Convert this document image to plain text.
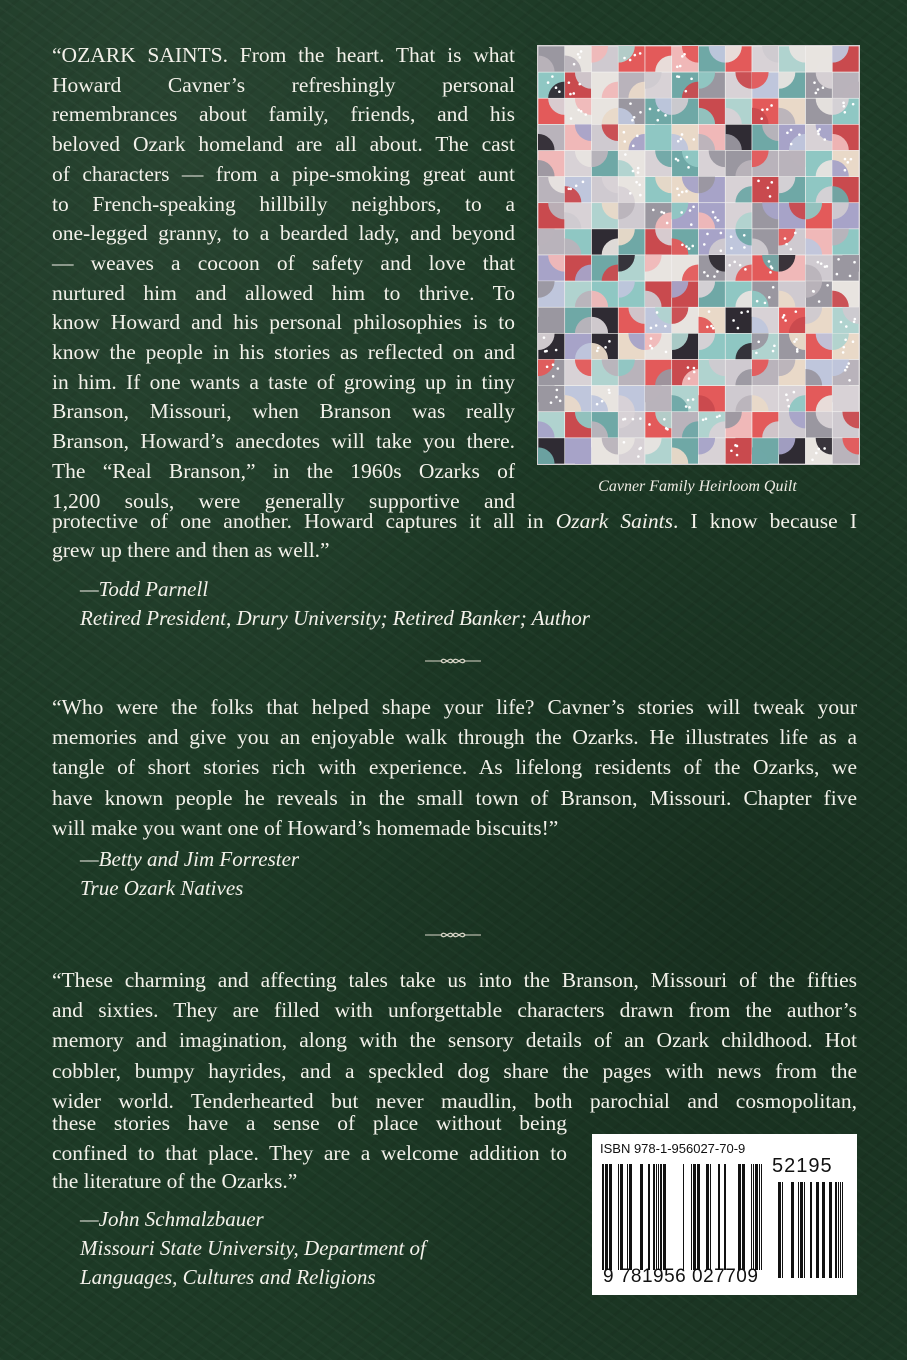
“OZARK SAINTS. From the heart. That is what
Howard Cavner’s refreshingly personal
remembrances about family, friends, and his
beloved Ozark homeland are all about. The cast
of characters — from a pipe-smoking great aunt
to French-speaking hillbilly neighbors, to a
one-legged granny, to a bearded lady, and beyond
— weaves a cocoon of safety and love that
nurtured him and allowed him to thrive. To
know Howard and his personal philosophies is to
know the people in his stories as reflected on and
in him. If one wants a taste of growing up in tiny
Branson, Missouri, when Branson was really
Branson, Howard’s anecdotes will take you there.
The “Real Branson,” in the 1960s Ozarks of
1,200 souls, were generally supportive and
protective of one another. Howard captures it all in Ozark Saints. I know because I
grew up there and then as well.”
—Todd Parnell
Retired President, Drury University; Retired Banker; Author
Cavner Family Heirloom Quilt
“Who were the folks that helped shape your life? Cavner’s stories will tweak your
memories and give you an enjoyable walk through the Ozarks. He illustrates life as a
tangle of short stories rich with experience. As lifelong residents of the Ozarks, we
have known people he reveals in the small town of Branson, Missouri. Chapter five
will make you want one of Howard’s homemade biscuits!”
—Betty and Jim Forrester
True Ozark Natives
“These charming and affecting tales take us into the Branson, Missouri of the fifties
and sixties. They are filled with unforgettable characters drawn from the author’s
memory and imagination, along with the sensory details of an Ozark childhood. Hot
cobbler, bumpy hayrides, and a speckled dog share the pages with news from the
wider world. Tenderhearted but never maudlin, both parochial and cosmopolitan,
these stories have a sense of place without being
confined to that place. They are a welcome addition to
the literature of the Ozarks.”
—John Schmalzbauer
Missouri State University, Department of
Languages, Cultures and Religions
ISBN 978-1-956027-70-9
52195
9 781956 027709
